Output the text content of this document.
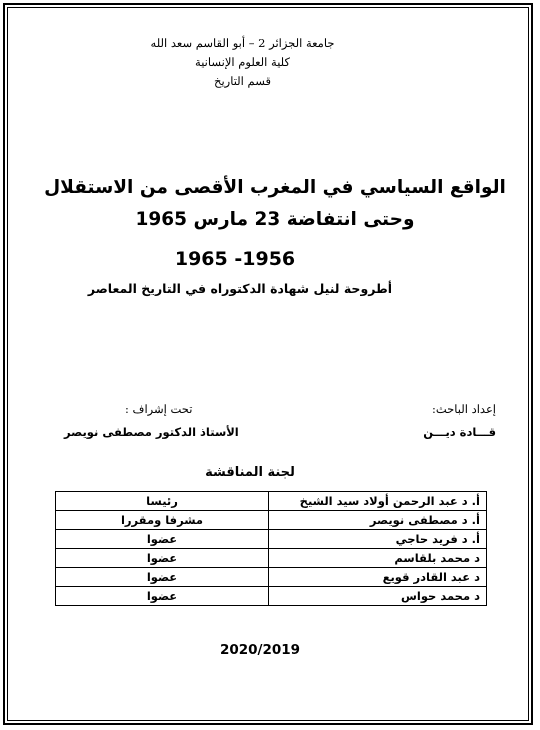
جامعة الجزائر 2 – أبو القاسم سعد الله
كلية العلوم الإنسانية
قسم التاريخ
الواقع السياسي في المغرب الأقصى من الاستقلال
وحتى انتفاضة 23 مارس 1965
1956- 1965
أطروحة لنيل شهادة الدكتوراه في التاريخ المعاصر
إعداد الباحث:
قـــادة ديـــن
تحت إشراف :
الأستاذ الدكتور مصطفى نويصر
لجنة المناقشة
أ. د عبد الرحمن أولاد سيد الشيخ	رئيسا
أ. د مصطفى نويصر	مشرفا ومقررا
أ. د فريد حاجي	عضوا
د محمد بلقاسم	عضوا
د عبد القادر قويع	عضوا
د محمد حواس	عضوا
2020/2019
